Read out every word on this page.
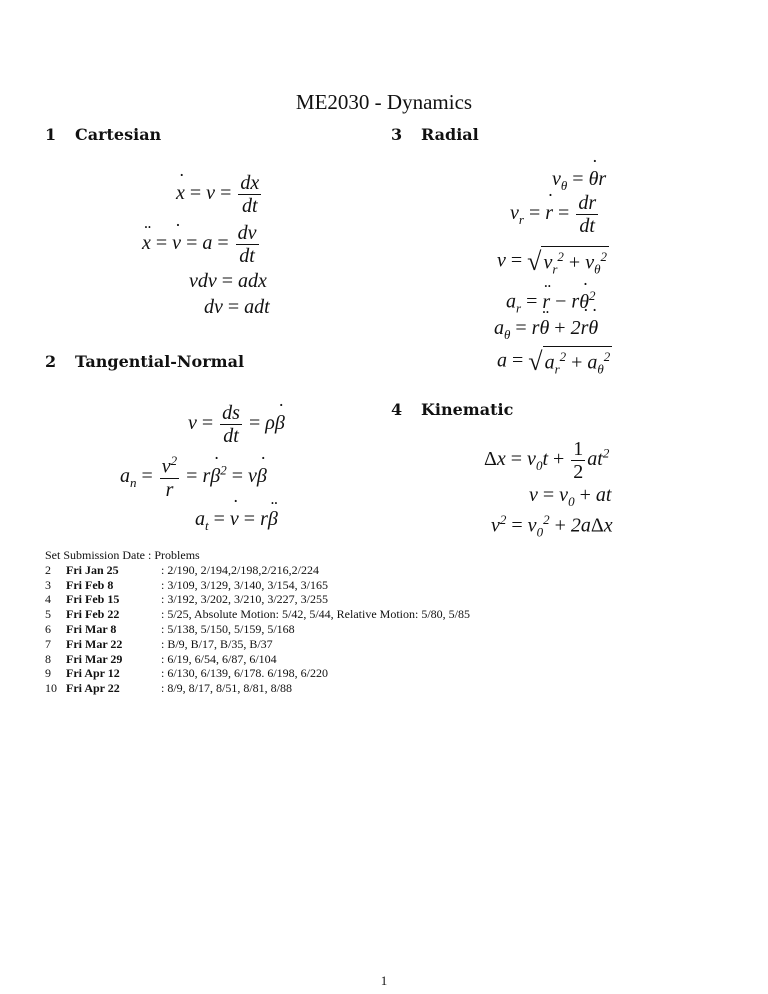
ME2030 - Dynamics
1 Cartesian
˙ $x = v = \frac{dx}{dt}$
¨ x = ˙ $v = a = \frac{dv}{dt}$
vdv = adx
dv = adt
2 Tangential-Normal
$v = \frac{ds}{dt}$ = ρ˙ β
$a_n = \frac{v^2}{r}$ = r˙ $\beta^2$ = v˙ β
$a_t$ = ˙ v = r¨ β
3 Radial
$v_\theta$ = ˙ θr
$v_r$ = ˙ $r = \frac{dr}{dt}$
v = √ $v_r^2 + v_\theta^2$
$a_r$ = ¨ r − r˙ $\theta^2$
$a_\theta$ = r¨ θ + 2˙ r˙ θ
a = √ $a_r^2 + a_\theta^2$
4 Kinematic
$\Delta x = v_0t + \frac{1}{2} at^2$
$v = v_0$ + at
$v^2 = v_0^2 + 2a\Delta x$
Set
Submission Date
:
Problems
2	Fri Jan 25	: 2/190, 2/194,2/198,2/216,2/224
3	Fri Feb 8	: 3/109, 3/129, 3/140, 3/154, 3/165
4	Fri Feb 15	: 3/192, 3/202, 3/210, 3/227, 3/255
5	Fri Feb 22	: 5/25, Absolute Motion: 5/42, 5/44, Relative Motion: 5/80, 5/85
6	Fri Mar 8	: 5/138, 5/150, 5/159, 5/168
7	Fri Mar 22	: B/9, B/17, B/35, B/37
8	Fri Mar 29	: 6/19, 6/54, 6/87, 6/104
9	Fri Apr 12	: 6/130, 6/139, 6/178. 6/198, 6/220
10 Fri Apr 22	: 8/9, 8/17, 8/51, 8/81, 8/88
1
